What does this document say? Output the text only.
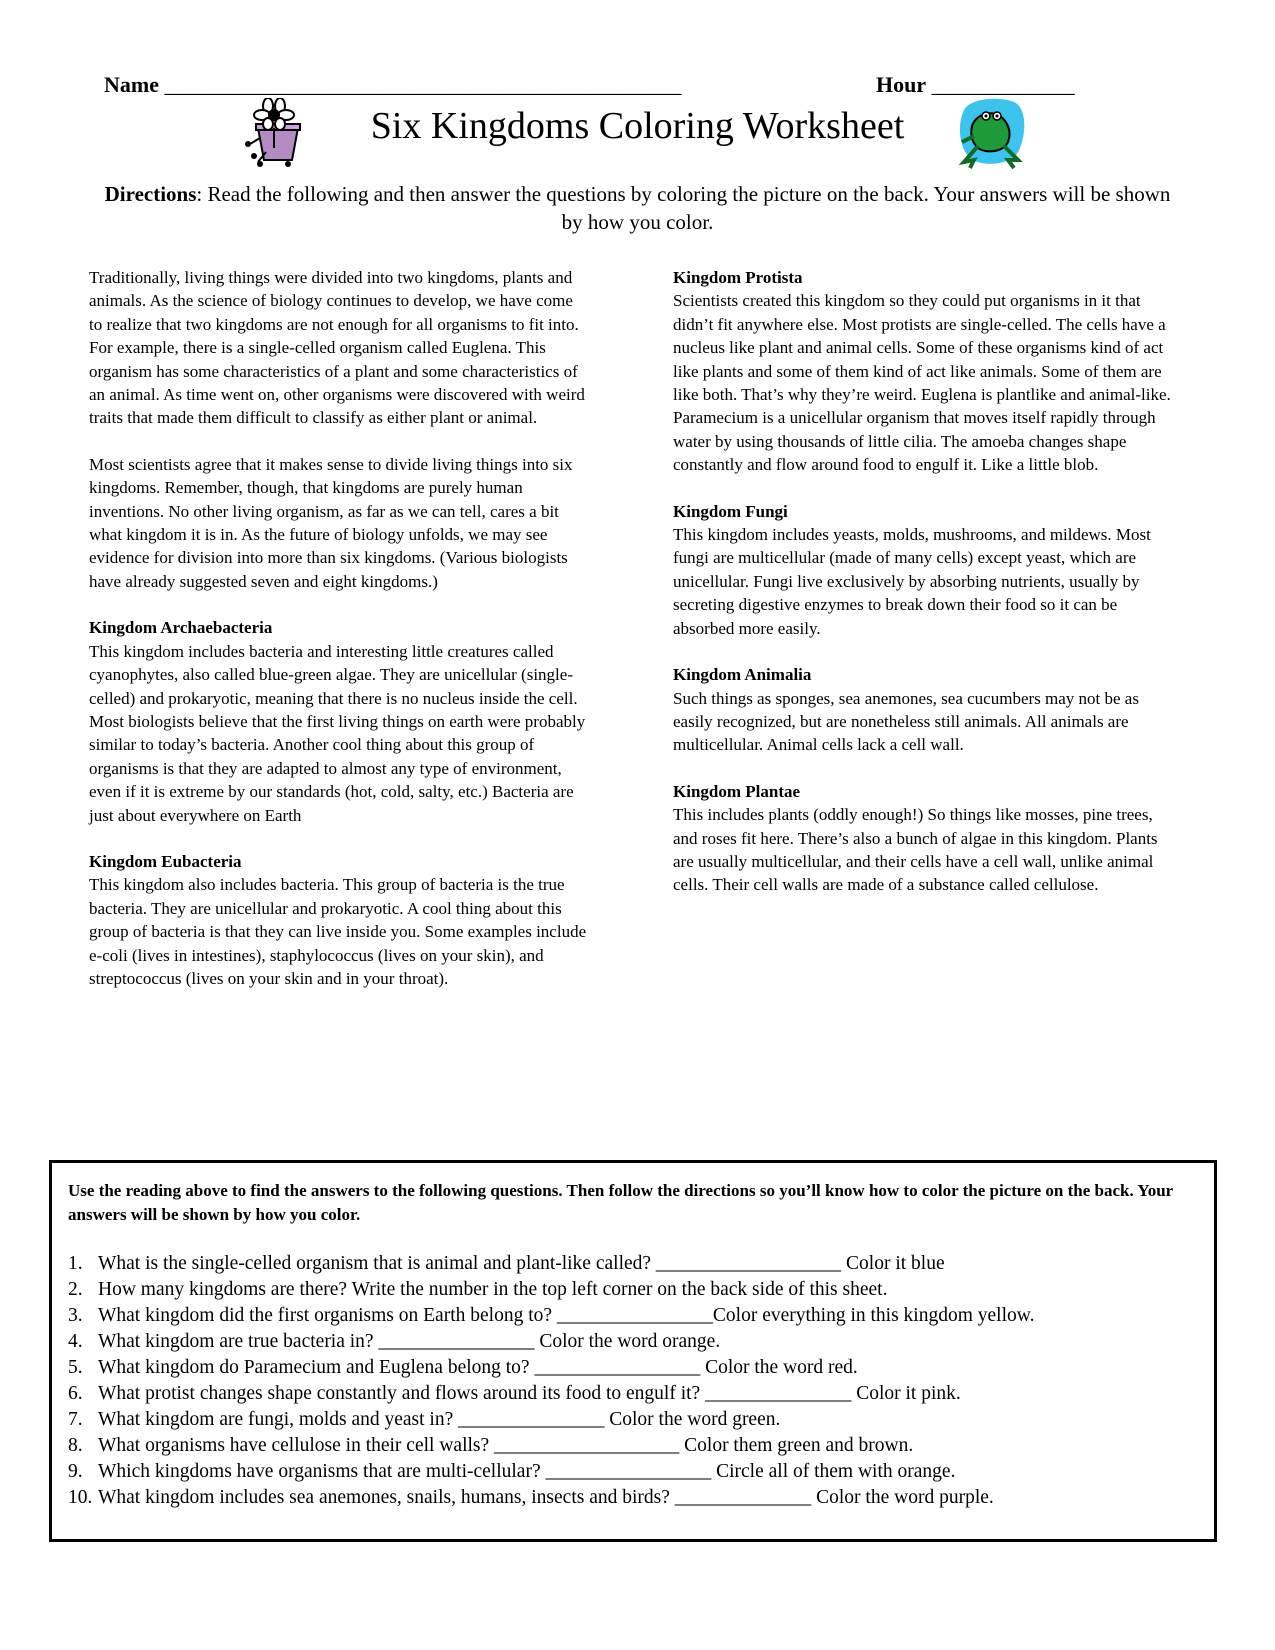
Name _______________________________________________	Hour _____________
Six Kingdoms Coloring Worksheet
Directions: Read the following and then answer the questions by coloring the picture on the back. Your answers will be shown by how you color.

Traditionally, living things were divided into two kingdoms, plants and animals. As the science of biology continues to develop, we have come to realize that two kingdoms are not enough for all organisms to fit into. For example, there is a single-celled organism called Euglena. This organism has some characteristics of a plant and some characteristics of an animal. As time went on, other organisms were discovered with weird traits that made them difficult to classify as either plant or animal.

Most scientists agree that it makes sense to divide living things into six kingdoms. Remember, though, that kingdoms are purely human inventions. No other living organism, as far as we can tell, cares a bit what kingdom it is in. As the future of biology unfolds, we may see evidence for division into more than six kingdoms. (Various biologists have already suggested seven and eight kingdoms.)

Kingdom Archaebacteria

This kingdom includes bacteria and interesting little creatures called cyanophytes, also called blue-green algae. They are unicellular (single-celled) and prokaryotic, meaning that there is no nucleus inside the cell. Most biologists believe that the first living things on earth were probably similar to today’s bacteria. Another cool thing about this group of organisms is that they are adapted to almost any type of environment, even if it is extreme by our standards (hot, cold, salty, etc.) Bacteria are just about everywhere on Earth

Kingdom Eubacteria

This kingdom also includes bacteria. This group of bacteria is the true bacteria. They are unicellular and prokaryotic. A cool thing about this group of bacteria is that they can live inside you. Some examples include e-coli (lives in intestines), staphylococcus (lives on your skin), and streptococcus (lives on your skin and in your throat).

Kingdom Protista

Scientists created this kingdom so they could put organisms in it that didn’t fit anywhere else. Most protists are single-celled. The cells have a nucleus like plant and animal cells. Some of these organisms kind of act like plants and some of them kind of act like animals. Some of them are like both. That’s why they’re weird. Euglena is plantlike and animal-like. Paramecium is a unicellular organism that moves itself rapidly through water by using thousands of little cilia. The amoeba changes shape constantly and flow around food to engulf it. Like a little blob.

Kingdom Fungi

This kingdom includes yeasts, molds, mushrooms, and mildews. Most fungi are multicellular (made of many cells) except yeast, which are unicellular. Fungi live exclusively by absorbing nutrients, usually by secreting digestive enzymes to break down their food so it can be absorbed more easily.

Kingdom Animalia

Such things as sponges, sea anemones, sea cucumbers may not be as easily recognized, but are nonetheless still animals. All animals are multicellular. Animal cells lack a cell wall.

Kingdom Plantae

This includes plants (oddly enough!) So things like mosses, pine trees, and roses fit here. There’s also a bunch of algae in this kingdom. Plants are usually multicellular, and their cells have a cell wall, unlike animal cells. Their cell walls are made of a substance called cellulose.

Use the reading above to find the answers to the following questions. Then follow the directions so you’ll know how to color the picture on the back. Your answers will be shown by how you color.
1. What is the single-celled organism that is animal and plant-like called? ___________________ Color it blue
2. How many kingdoms are there? Write the number in the top left corner on the back side of this sheet.
3. What kingdom did the first organisms on Earth belong to? ________________Color everything in this kingdom yellow.
4. What kingdom are true bacteria in? ________________ Color the word orange.
5. What kingdom do Paramecium and Euglena belong to? _________________ Color the word red.
6. What protist changes shape constantly and flows around its food to engulf it? _______________ Color it pink.
7. What kingdom are fungi, molds and yeast in? _______________ Color the word green.
8. What organisms have cellulose in their cell walls? ___________________ Color them green and brown.
9. Which kingdoms have organisms that are multi-cellular? _________________ Circle all of them with orange.
10. What kingdom includes sea anemones, snails, humans, insects and birds? ______________ Color the word purple.
